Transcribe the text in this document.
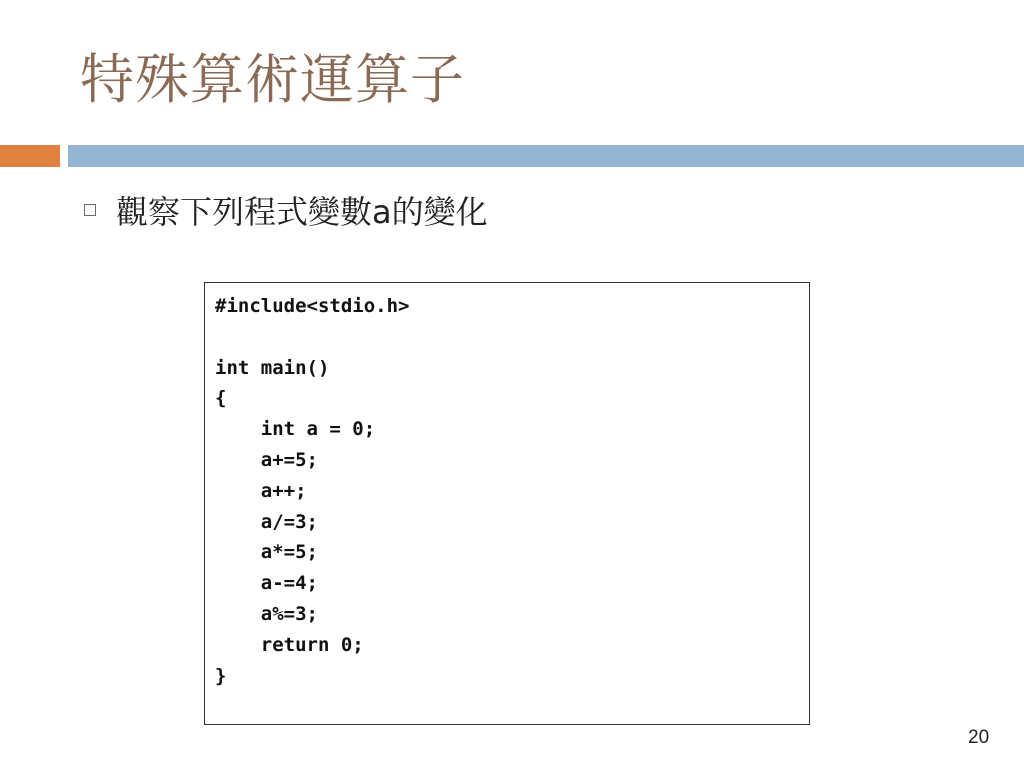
特殊算術運算子
觀察下列程式變數a的變化
#include<stdio.h>
int main()
{
int a = 0;
a+=5;
a++;
a/=3;
a*=5;
a-=4;
a%=3;
return 0;
}
20
